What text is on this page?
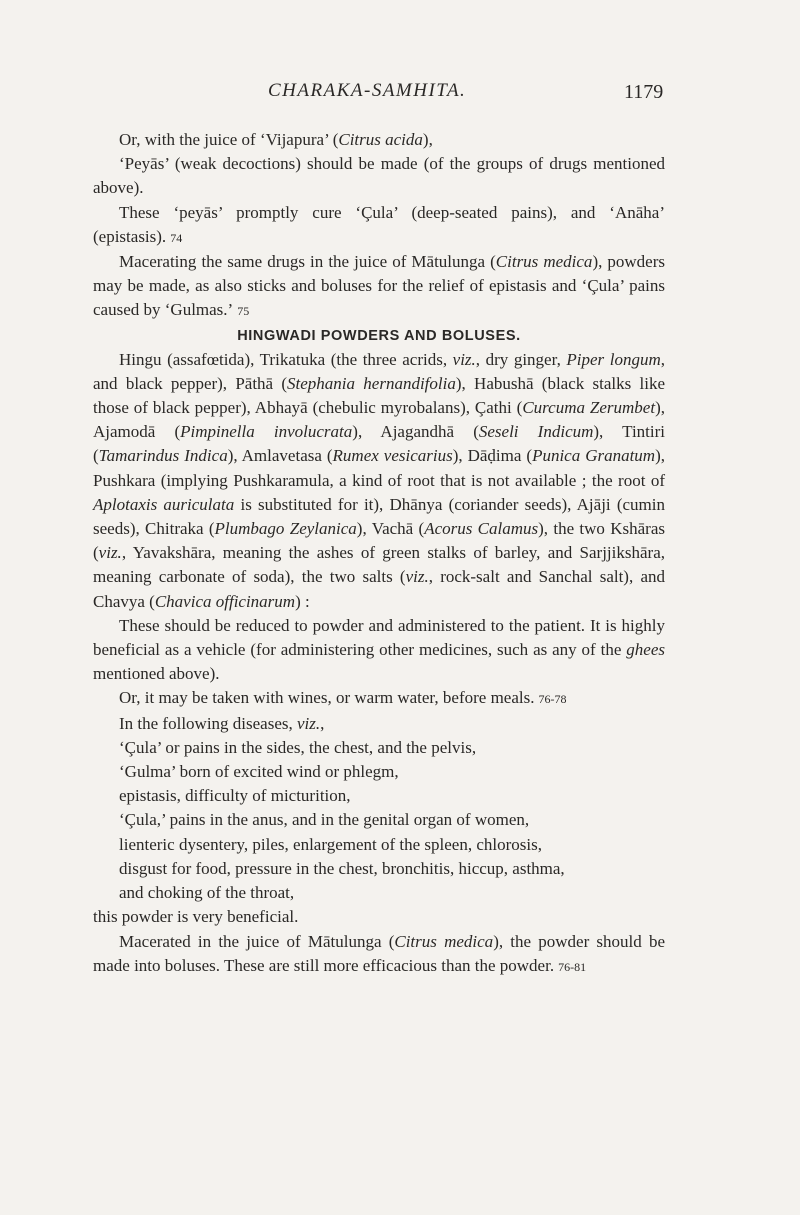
CHARAKA-SAMHITA.	1179

Or, with the juice of ‘Vijapura’ (Citrus acida),

‘Peyās’ (weak decoctions) should be made (of the groups of drugs mentioned above).

These ‘peyās’ promptly cure ‘Çula’ (deep-seated pains), and ‘Anāha’ (epistasis). 74

Macerating the same drugs in the juice of Mātulunga (Citrus medica), powders may be made, as also sticks and boluses for the relief of epistasis and ‘Çula’ pains caused by ‘Gulmas.’ 75

HINGWADI POWDERS AND BOLUSES.

Hingu (assafœtida), Trikatuka (the three acrids, viz., dry ginger, Piper longum, and black pepper), Pāthā (Stephania hernandifolia), Habushā (black stalks like those of black pepper), Abhayā (chebulic myrobalans), Çathi (Curcuma Zerumbet), Ajamodā (Pimpinella involucrata), Ajagandhā (Seseli Indicum), Tintiri (Tamarindus Indica), Amlavetasa (Rumex vesicarius), Dāḍima (Punica Granatum), Pushkara (implying Pushkaramula, a kind of root that is not available ; the root of Aplotaxis auriculata is substituted for it), Dhānya (coriander seeds), Ajāji (cumin seeds), Chitraka (Plumbago Zeylanica), Vachā (Acorus Calamus), the two Kshāras (viz., Yavakshāra, meaning the ashes of green stalks of barley, and Sarjjikshāra, meaning carbonate of soda), the two salts (viz., rock-salt and Sanchal salt), and Chavya (Chavica officinarum) :

These should be reduced to powder and administered to the patient. It is highly beneficial as a vehicle (for administering other medicines, such as any of the ghees mentioned above).

Or, it may be taken with wines, or warm water, before meals. 76-78

In the following diseases, viz.,

‘Çula’ or pains in the sides, the chest, and the pelvis,

‘Gulma’ born of excited wind or phlegm,

epistasis, difficulty of micturition,

‘Çula,’ pains in the anus, and in the genital organ of women,

lienteric dysentery, piles, enlargement of the spleen, chlorosis,

disgust for food, pressure in the chest, bronchitis, hiccup, asthma,

and choking of the throat,

this powder is very beneficial.

Macerated in the juice of Mātulunga (Citrus medica), the powder should be made into boluses. These are still more efficacious than the powder. 76-81
